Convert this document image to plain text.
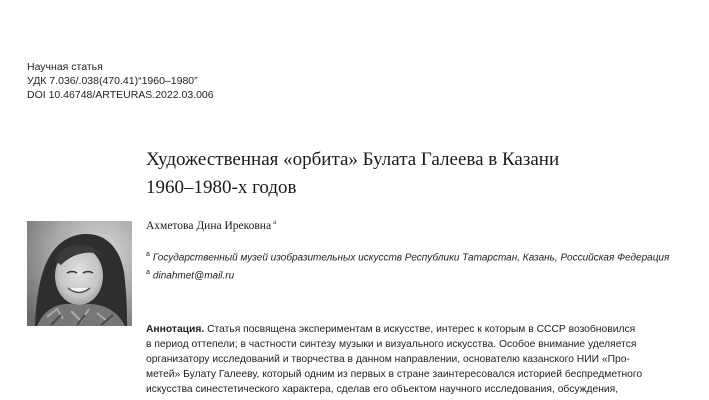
Научная статья
УДК 7.036/.038(470.41)“1960–1980”
DOI 10.46748/ARTEURAS.2022.03.006
Художественная «орбита» Булата Галеева в Казани
1960–1980-х годов
Ахметова Дина Ирековна $^a$
$^a$ Государственный музей изобразительных искусств Республики Татарстан, Казань, Российская Федерация
$^a$ dinahmet@mail.ru
Аннотация. Статья посвящена экспериментам в искусстве, интерес к которым в СССР возобновился
в период оттепели; в частности синтезу музыки и визуального искусства. Особое внимание уделяется
организатору исследований и творчества в данном направлении, основателю казанского НИИ «Про-
метей» Булату Галееву, который одним из первых в стране заинтересовался историей беспредметного
искусства синестетического характера, сделав его объектом научного исследования, обсуждения,
